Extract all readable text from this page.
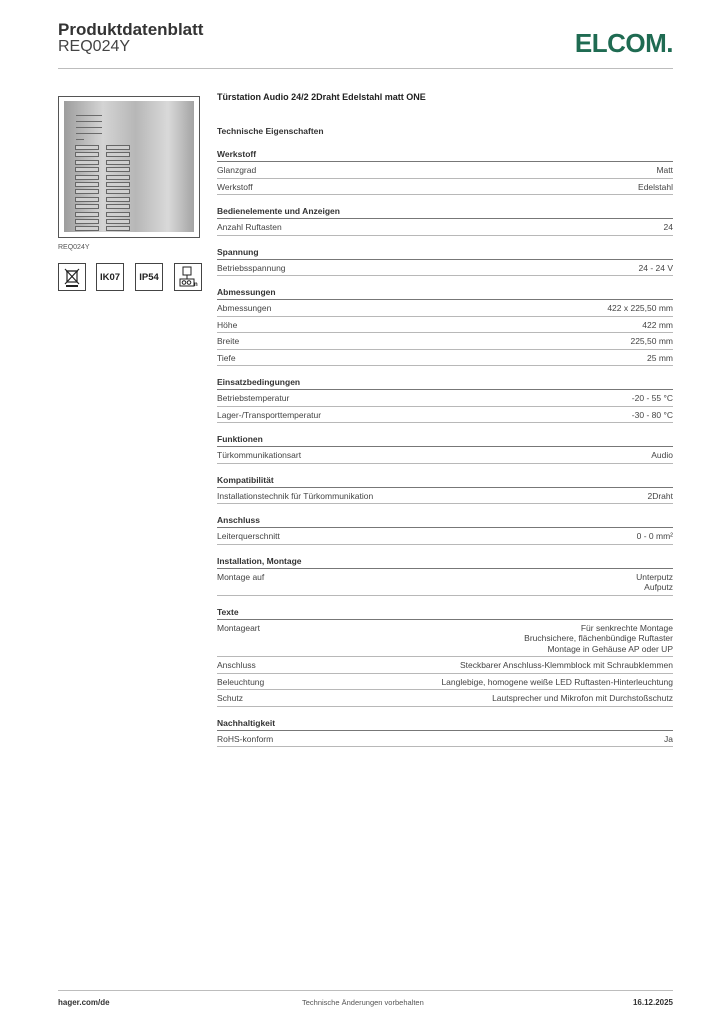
Produktdatenblatt
REQ024Y	ELCOM.
REQ024Y
IK07	IP54
n
Türstation Audio 24/2 2Draht Edelstahl matt ONE
Technische Eigenschaften
Werkstoff
Glanzgrad	Matt
Werkstoff	Edelstahl
Bedienelemente und Anzeigen
Anzahl Ruftasten	24
Spannung
Betriebsspannung	24 - 24 V
Abmessungen
Abmessungen	422 x 225,50 mm
Höhe	422 mm
Breite	225,50 mm
Tiefe	25 mm
Einsatzbedingungen
Betriebstemperatur	-20 - 55 °C
Lager-/Transporttemperatur	-30 - 80 °C
Funktionen
Türkommunikationsart	Audio
Kompatibilität
Installationstechnik für Türkommunikation	2Draht
Anschluss
Leiterquerschnitt	0 - 0 mm²
Installation, Montage
Montage auf	Unterputz
Aufputz
Texte
Montageart	Für senkrechte Montage
Bruchsichere, flächenbündige Ruftaster
Montage in Gehäuse AP oder UP
Anschluss	Steckbarer Anschluss-Klemmblock mit Schraubklemmen
Beleuchtung	Langlebige, homogene weiße LED Ruftasten-Hinterleuchtung
Schutz	Lautsprecher und Mikrofon mit Durchstoßschutz
Nachhaltigkeit
RoHS-konform	Ja
hager.com/de	Technische Änderungen vorbehalten	16.12.2025
